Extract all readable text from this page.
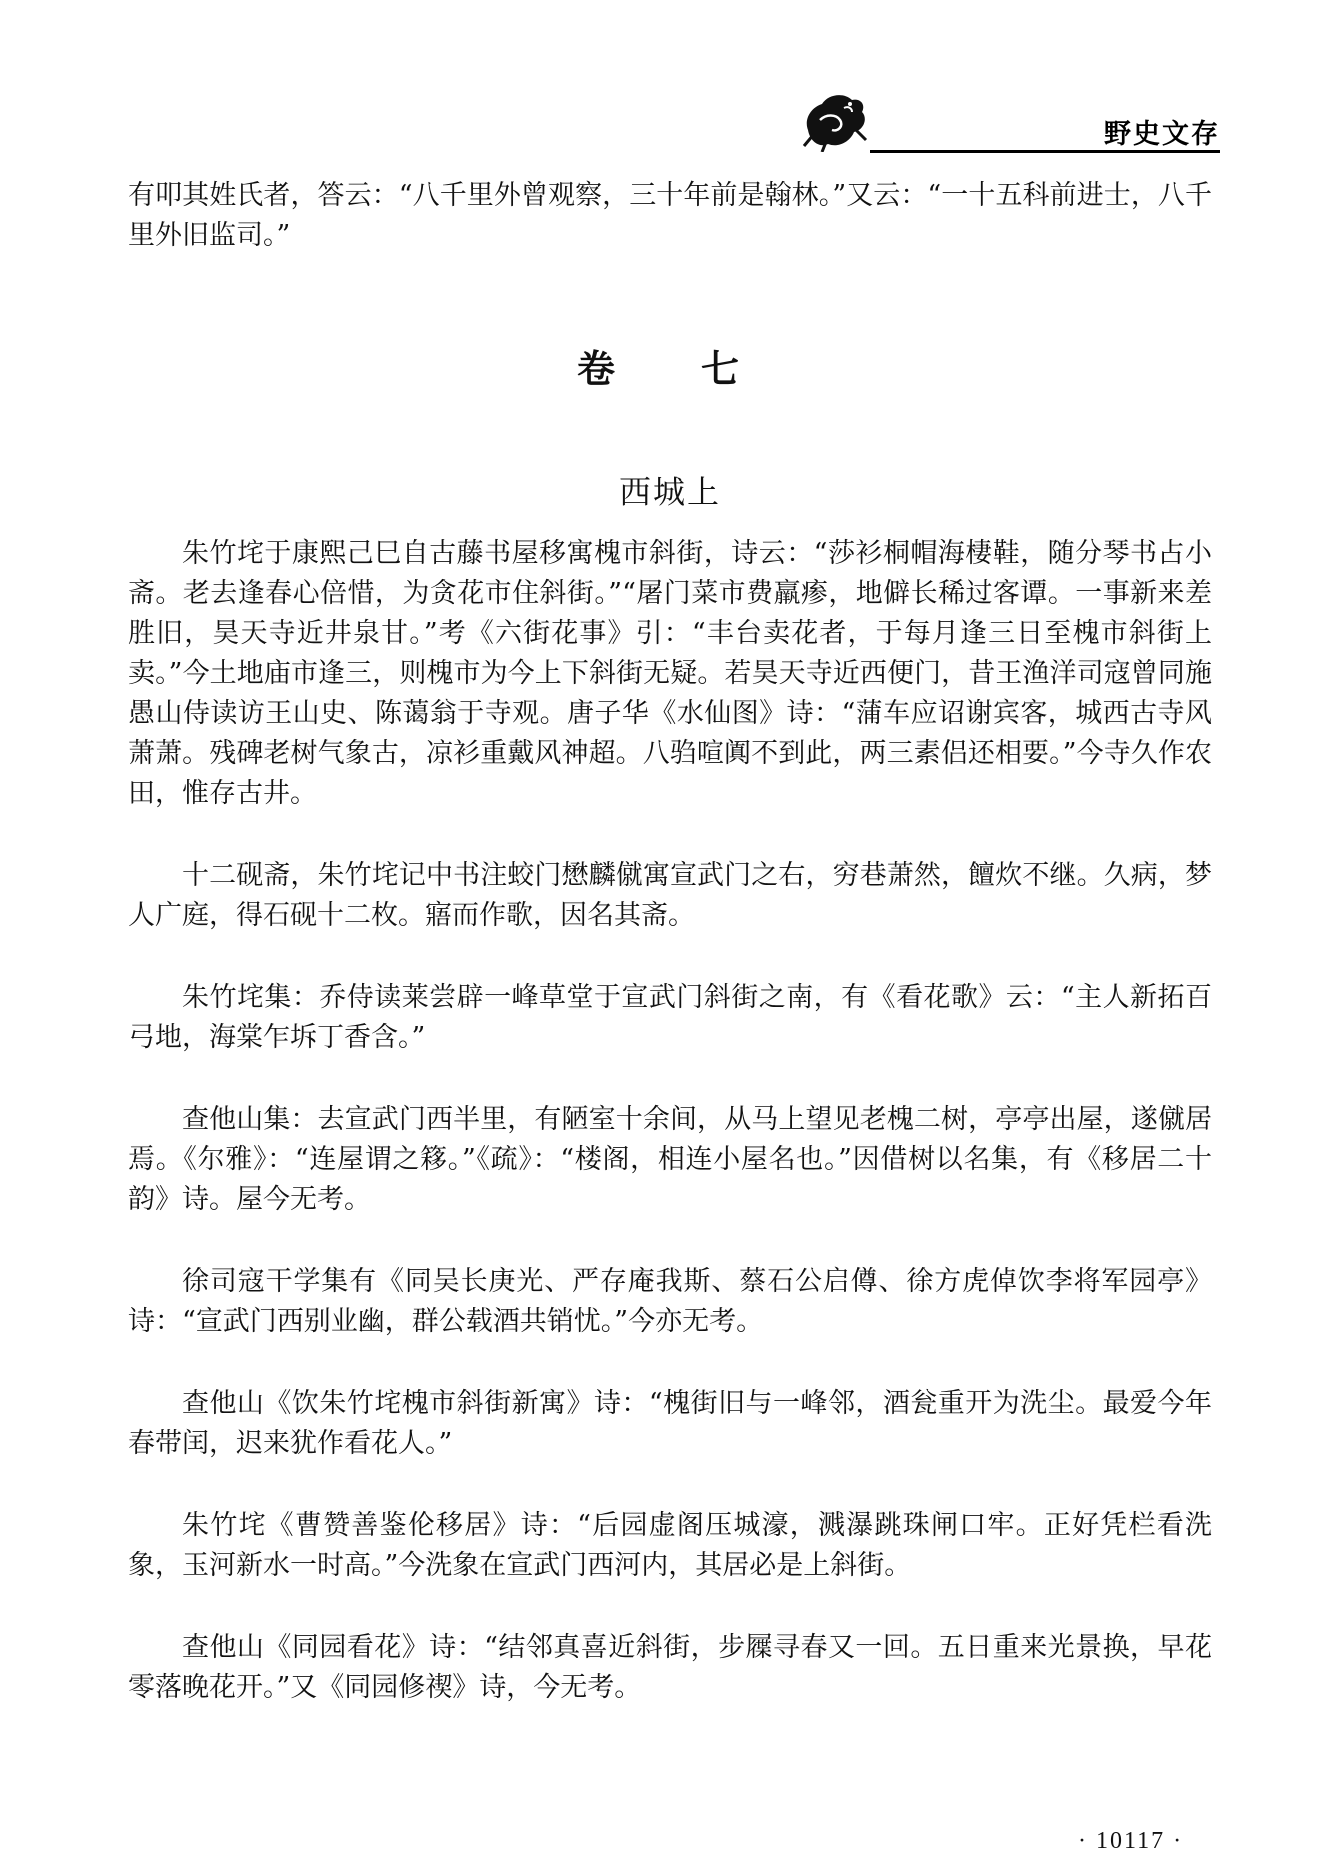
野史文存

有叩其姓氏者，答云：“八千里外曾观察，三十年前是翰林。”又云：“一十五科前进士，八千里外旧监司。”

卷　七
西城上

朱竹垞于康熙己巳自古藤书屋移寓槐市斜街，诗云：“莎衫桐帽海棲鞋，随分琴书占小斋。老去逢春心倍惜，为贪花市住斜街。”“屠门菜市费羸瘆，地僻长稀过客谭。一事新来差胜旧，昊天寺近井泉甘。”考《六街花事》引：“丰台卖花者，于每月逢三日至槐市斜街上卖。”今土地庙市逢三，则槐市为今上下斜街无疑。若昊天寺近西便门，昔王渔洋司寇曾同施愚山侍读访王山史、陈蔼翁于寺观。唐子华《水仙图》诗：“蒲车应诏谢宾客，城西古寺风萧萧。残碑老树气象古，凉衫重戴风神超。八驺喧阗不到此，两三素侣还相要。”今寺久作农田，惟存古井。

十二砚斋，朱竹垞记中书注蛟门懋麟僦寓宣武门之右，穷巷萧然，饘炊不继。久病，梦人广庭，得石砚十二枚。寤而作歌，因名其斋。

朱竹垞集：乔侍读莱尝辟一峰草堂于宣武门斜街之南，有《看花歌》云：“主人新拓百弓地，海棠乍坼丁香含。”

查他山集：去宣武门西半里，有陋室十余间，从马上望见老槐二树，亭亭出屋，遂僦居焉。《尔雅》：“连屋谓之簃。”《疏》：“楼阁，相连小屋名也。”因借树以名集，有《移居二十韵》诗。屋今无考。

徐司寇干学集有《同吴长庚光、严存庵我斯、蔡石公启僔、徐方虎倬饮李将军园亭》诗：“宣武门西别业幽，群公载酒共销忧。”今亦无考。

查他山《饮朱竹垞槐市斜街新寓》诗：“槐街旧与一峰邻，酒瓮重开为洗尘。最爱今年春带闰，迟来犹作看花人。”

朱竹垞《曹赞善鉴伦移居》诗：“后园虚阁压城濠，溅瀑跳珠闸口牢。正好凭栏看洗象，玉河新水一时高。”今洗象在宣武门西河内，其居必是上斜街。

查他山《同园看花》诗：“结邻真喜近斜街，步屧寻春又一回。五日重来光景换，早花零落晚花开。”又《同园修禊》诗，今无考。

· 10117 ·
